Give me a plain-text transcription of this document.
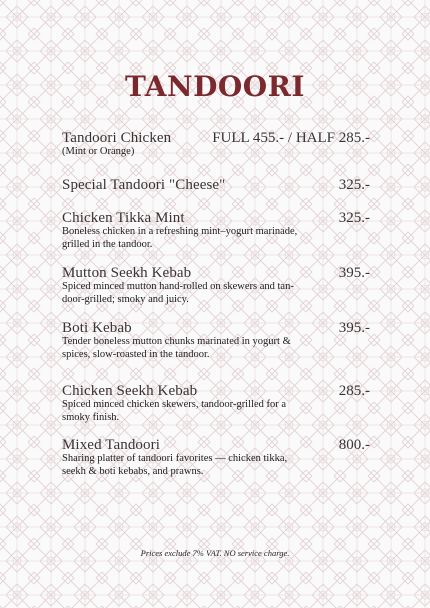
TANDOORI
Tandoori Chicken
(Mint or Orange)
FULL 455.- / HALF 285.-
Special Tandoori "Cheese"	325.-
Chicken Tikka Mint
Boneless chicken in a refreshing mint–yogurt marinade, grilled in the tandoor.
325.-
Mutton Seekh Kebab
Spiced minced mutton hand-rolled on skewers and tan-door-grilled; smoky and juicy.
395.-
Boti Kebab
Tender boneless mutton chunks marinated in yogurt & spices, slow-roasted in the tandoor.
395.-
Chicken Seekh Kebab
Spiced minced chicken skewers, tandoor-grilled for a smoky finish.
285.-
Mixed Tandoori
Sharing platter of tandoori favorites — chicken tikka, seekh & boti kebabs, and prawns.
800.-
Prices exclude 7% VAT. NO service charge.
